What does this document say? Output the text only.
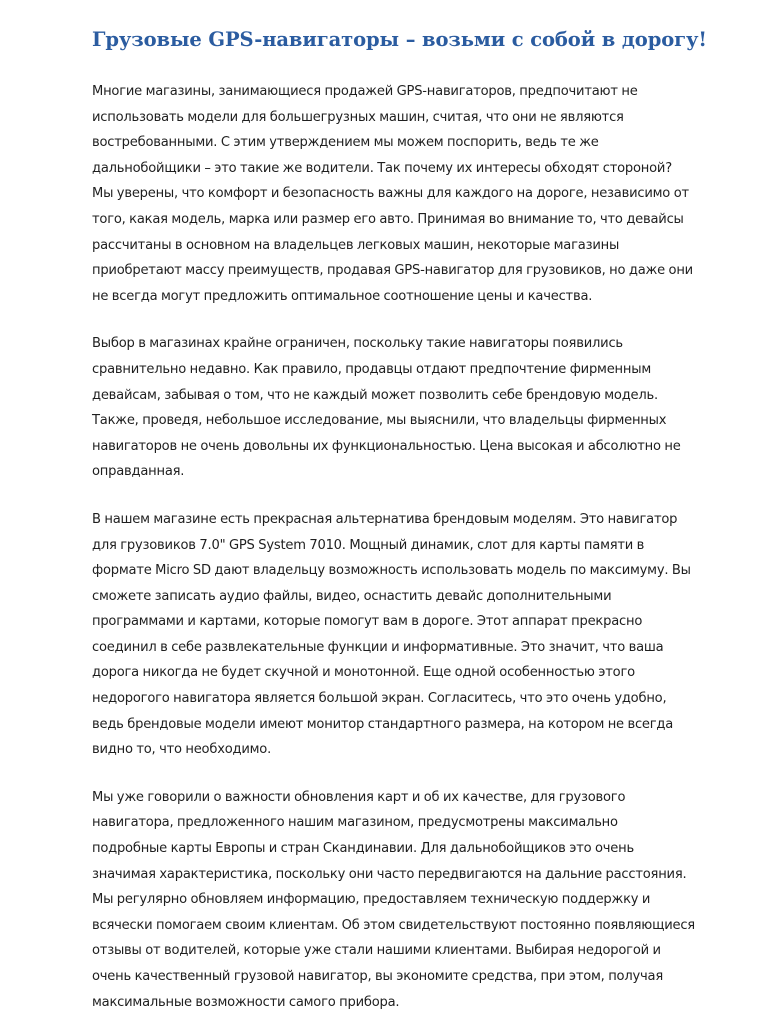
Грузовые GPS-навигаторы – возьми с собой в дорогу!

Многие магазины, занимающиеся продажей GPS-навигаторов, предпочитают не использовать модели для большегрузных машин, считая, что они не являются востребованными. С этим утверждением мы можем поспорить, ведь те же дальнобойщики – это такие же водители. Так почему их интересы обходят стороной? Мы уверены, что комфорт и безопасность важны для каждого на дороге, независимо от того, какая модель, марка или размер его авто. Принимая во внимание то, что девайсы рассчитаны в основном на владельцев легковых машин, некоторые магазины приобретают массу преимуществ, продавая GPS-навигатор для грузовиков, но даже они не всегда могут предложить оптимальное соотношение цены и качества.

Выбор в магазинах крайне ограничен, поскольку такие навигаторы появились сравнительно недавно. Как правило, продавцы отдают предпочтение фирменным девайсам, забывая о том, что не каждый может позволить себе брендовую модель. Также, проведя, небольшое исследование, мы выяснили, что владельцы фирменных навигаторов не очень довольны их функциональностью. Цена высокая и абсолютно не оправданная.

В нашем магазине есть прекрасная альтернатива брендовым моделям. Это навигатор для грузовиков 7.0" GPS System 7010. Мощный динамик, слот для карты памяти в формате Micro SD дают владельцу возможность использовать модель по максимуму. Вы сможете записать аудио файлы, видео, оснастить девайс дополнительными программами и картами, которые помогут вам в дороге. Этот аппарат прекрасно соединил в себе развлекательные функции и информативные. Это значит, что ваша дорога никогда не будет скучной и монотонной. Еще одной особенностью этого недорогого навигатора является большой экран. Согласитесь, что это очень удобно, ведь брендовые модели имеют монитор стандартного размера, на котором не всегда видно то, что необходимо.

Мы уже говорили о важности обновления карт и об их качестве, для грузового навигатора, предложенного нашим магазином, предусмотрены максимально подробные карты Европы и стран Скандинавии. Для дальнобойщиков это очень значимая характеристика, поскольку они часто передвигаются на дальние расстояния. Мы регулярно обновляем информацию, предоставляем техническую поддержку и всячески помогаем своим клиентам. Об этом свидетельствуют постоянно появляющиеся отзывы от водителей, которые уже стали нашими клиентами. Выбирая недорогой и очень качественный грузовой навигатор, вы экономите средства, при этом, получая максимальные возможности самого прибора.
